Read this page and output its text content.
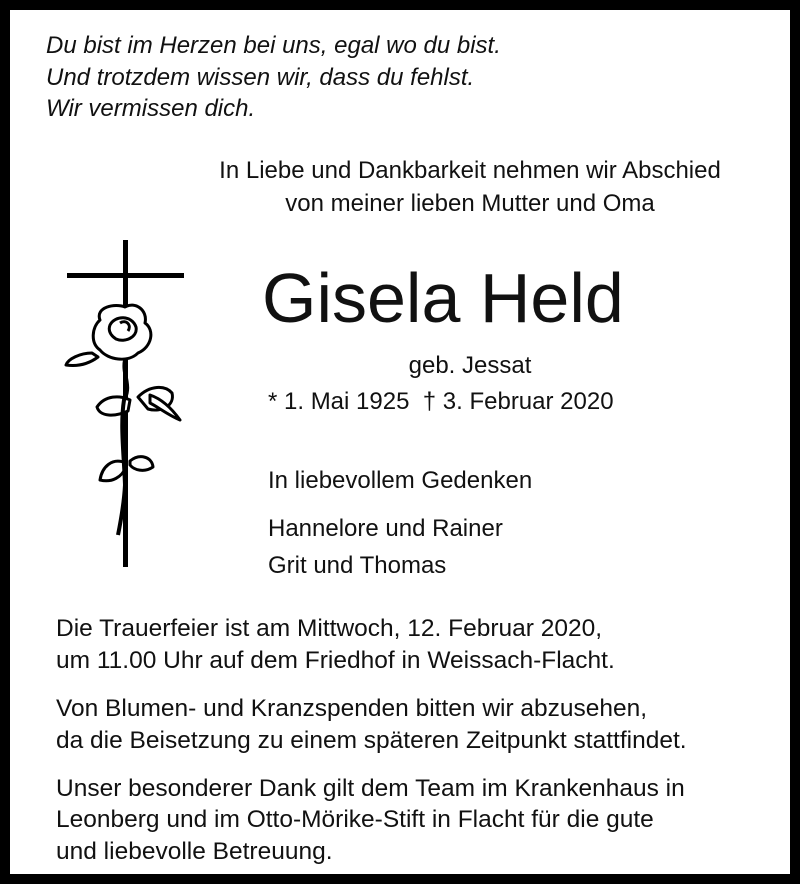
Du bist im Herzen bei uns, egal wo du bist.
Und trotzdem wissen wir, dass du fehlst.
Wir vermissen dich.
In Liebe und Dankbarkeit nehmen wir Abschied
von meiner lieben Mutter und Oma
Gisela Held
geb. Jessat
* 1. Mai 1925  † 3. Februar 2020
In liebevollem Gedenken
Hannelore und Rainer
Grit und Thomas
Die Trauerfeier ist am Mittwoch, 12. Februar 2020,
um 11.00 Uhr auf dem Friedhof in Weissach-Flacht.
Von Blumen- und Kranzspenden bitten wir abzusehen,
da die Beisetzung zu einem späteren Zeitpunkt stattfindet.
Unser besonderer Dank gilt dem Team im Krankenhaus in
Leonberg und im Otto-Mörike-Stift in Flacht für die gute
und liebevolle Betreuung.
